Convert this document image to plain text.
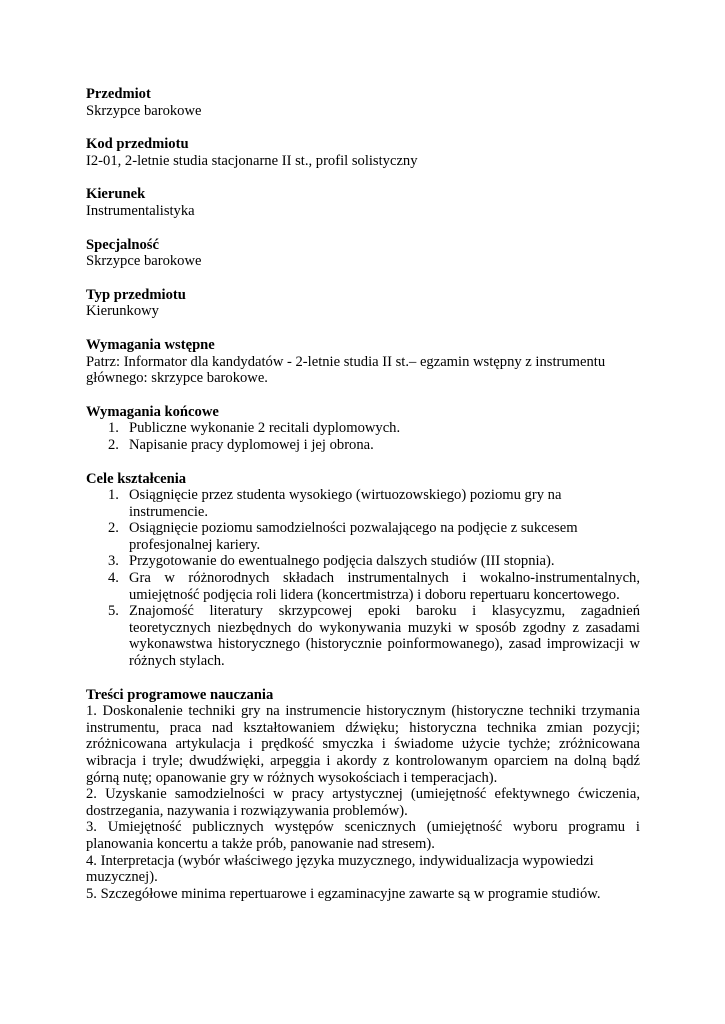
Przedmiot
Skrzypce barokowe
Kod przedmiotu
I2-01, 2-letnie studia stacjonarne II st., profil solistyczny
Kierunek
Instrumentalistyka
Specjalność
Skrzypce barokowe
Typ przedmiotu
Kierunkowy
Wymagania wstępne
Patrz: Informator dla kandydatów - 2-letnie studia II st.– egzamin wstępny z instrumentu głównego: skrzypce barokowe.
Wymagania końcowe
1. Publiczne wykonanie 2 recitali dyplomowych.
2. Napisanie pracy dyplomowej i jej obrona.
Cele kształcenia
1. Osiągnięcie przez studenta wysokiego (wirtuozowskiego) poziomu gry na instrumencie.
2. Osiągnięcie poziomu samodzielności pozwalającego na podjęcie z sukcesem profesjonalnej kariery.
3. Przygotowanie do ewentualnego podjęcia dalszych studiów (III stopnia).
4. Gra w różnorodnych składach instrumentalnych i wokalno-instrumentalnych, umiejętność podjęcia roli lidera (koncertmistrza) i doboru repertuaru koncertowego.
5. Znajomość literatury skrzypcowej epoki baroku i klasycyzmu, zagadnień teoretycznych niezbędnych do wykonywania muzyki w sposób zgodny z zasadami wykonawstwa historycznego (historycznie poinformowanego), zasad improwizacji w różnych stylach.
Treści programowe nauczania
1. Doskonalenie techniki gry na instrumencie historycznym (historyczne techniki trzymania instrumentu, praca nad kształtowaniem dźwięku; historyczna technika zmian pozycji; zróżnicowana artykulacja i prędkość smyczka i świadome użycie tychże; zróżnicowana wibracja i tryle; dwudźwięki, arpeggia i akordy z kontrolowanym oparciem na dolną bądź górną nutę; opanowanie gry w różnych wysokościach i temperacjach).
2. Uzyskanie samodzielności w pracy artystycznej (umiejętność efektywnego ćwiczenia, dostrzegania, nazywania i rozwiązywania problemów).
3. Umiejętność publicznych występów scenicznych (umiejętność wyboru programu i planowania koncertu a także prób, panowanie nad stresem).
4. Interpretacja (wybór właściwego języka muzycznego, indywidualizacja wypowiedzi muzycznej).
5. Szczegółowe minima repertuarowe i egzaminacyjne zawarte są w programie studiów.
